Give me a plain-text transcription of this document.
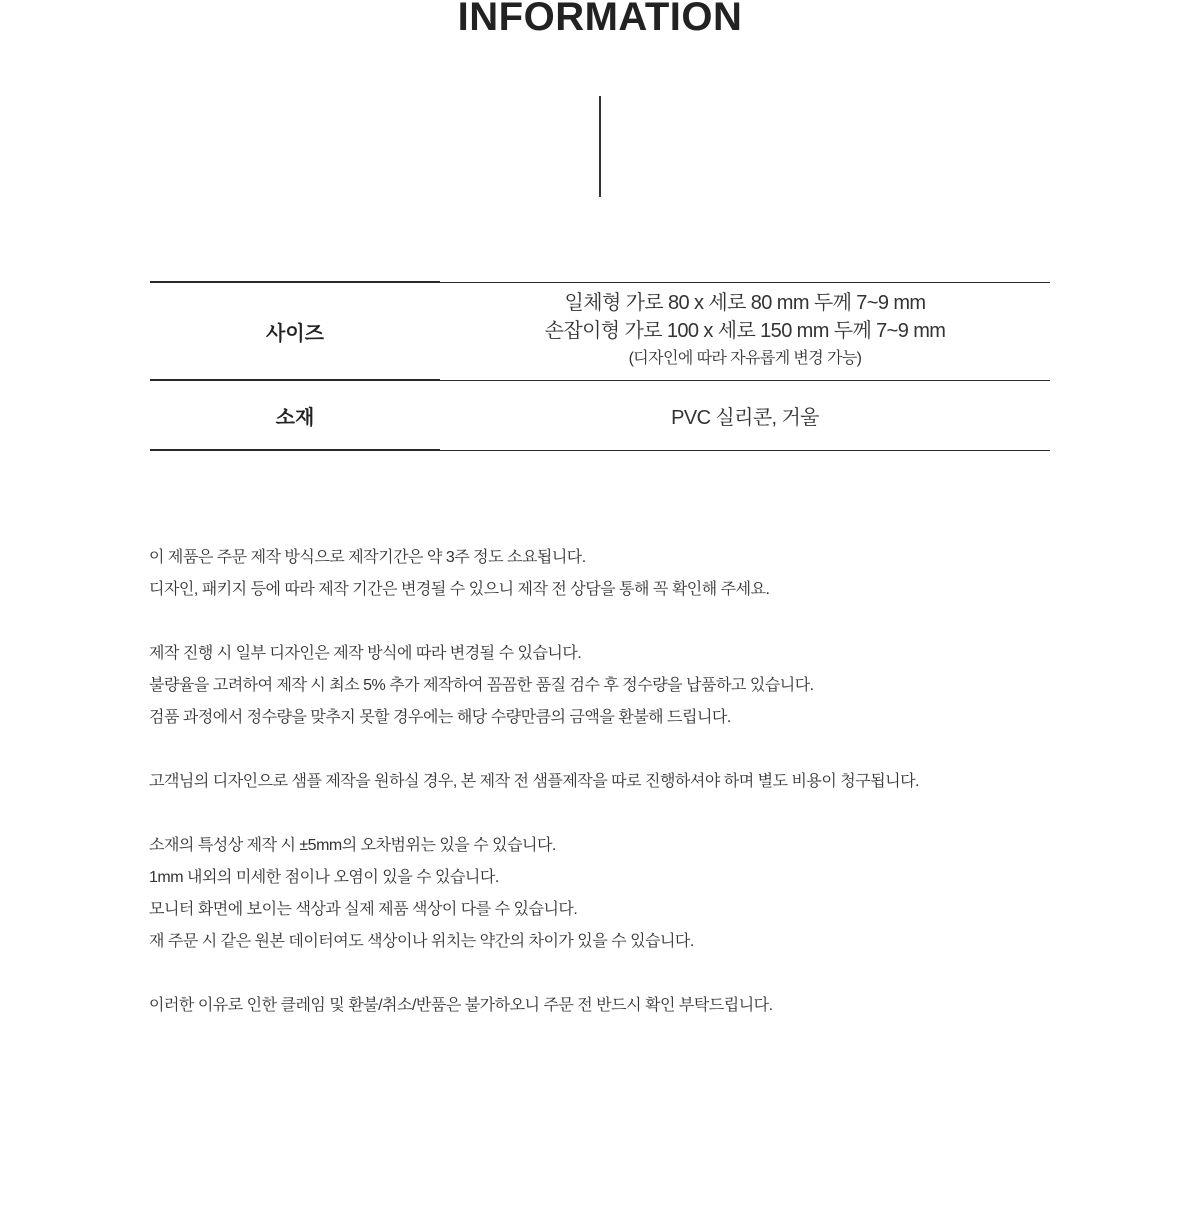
INFORMATION
사이즈	일체형 가로 80 x 세로 80 mm 두께 7~9 mm
손잡이형 가로 100 x 세로 150 mm 두께 7~9 mm
(디자인에 따라 자유롭게 변경 가능)

소재	PVC 실리콘, 거울
이 제품은 주문 제작 방식으로 제작기간은 약 3주 정도 소요됩니다.
디자인, 패키지 등에 따라 제작 기간은 변경될 수 있으니 제작 전 상담을 통해 꼭 확인해 주세요.
제작 진행 시 일부 디자인은 제작 방식에 따라 변경될 수 있습니다.
불량율을 고려하여 제작 시 최소 5% 추가 제작하여 꼼꼼한 품질 검수 후 정수량을 납품하고 있습니다.
검품 과정에서 정수량을 맞추지 못할 경우에는 해당 수량만큼의 금액을 환불해 드립니다.
고객님의 디자인으로 샘플 제작을 원하실 경우, 본 제작 전 샘플제작을 따로 진행하셔야 하며 별도 비용이 청구됩니다.
소재의 특성상 제작 시 ±5mm의 오차범위는 있을 수 있습니다.
1mm 내외의 미세한 점이나 오염이 있을 수 있습니다.
모니터 화면에 보이는 색상과 실제 제품 색상이 다를 수 있습니다.
재 주문 시 같은 원본 데이터여도 색상이나 위치는 약간의 차이가 있을 수 있습니다.
이러한 이유로 인한 클레임 및 환불/취소/반품은 불가하오니 주문 전 반드시 확인 부탁드립니다.
